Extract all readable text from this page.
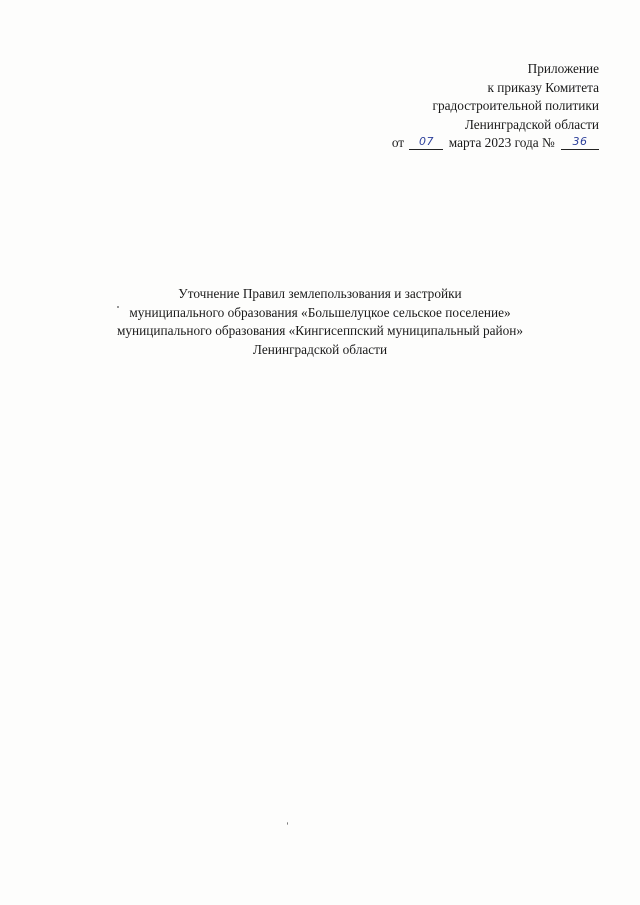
Приложение
к приказу Комитета
градостроительной политики
Ленинградской области
от 07 марта 2023 года № 36
Уточнение Правил землепользования и застройки
муниципального образования «Большелуцкое сельское поселение»
муниципального образования «Кингисеппский муниципальный район»
Ленинградской области
